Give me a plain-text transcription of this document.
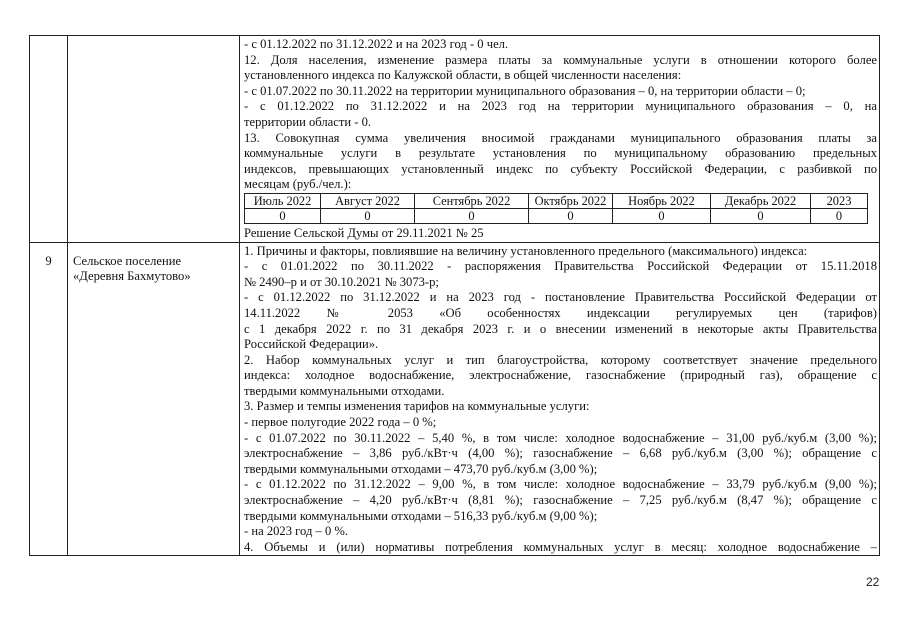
- с 01.12.2022 по 31.12.2022 и на 2023 год - 0 чел.
12. Доля населения, изменение размера платы за коммунальные услуги в отношении которого более
установленного индекса по Калужской области, в общей численности населения:
- с 01.07.2022 по 30.11.2022 на территории муниципального образования – 0, на территории области – 0;
- с 01.12.2022 по 31.12.2022 и на 2023 год на территории муниципального образования – 0, на
территории области - 0.
13. Совокупная сумма увеличения вносимой гражданами муниципального образования платы за
коммунальные услуги в результате установления по муниципальному образованию предельных
индексов, превышающих установленный индекс по субъекту Российской Федерации, с разбивкой по
месяцам (руб./чел.):
Июль 2022	Август 2022	Сентябрь 2022	Октябрь 2022	Ноябрь 2022	Декабрь 2022	2023
0	0	0	0	0	0	0
Решение Сельской Думы от 29.11.2021 № 25

9	Сельское поселение
«Деревня Бахмутово»

1. Причины и факторы, повлиявшие на величину установленного предельного (максимального) индекса:
- с 01.01.2022 по 30.11.2022 - распоряжения Правительства Российской Федерации от 15.11.2018
№ 2490–р и от 30.10.2021 № 3073-р;
- с 01.12.2022 по 31.12.2022 и на 2023 год - постановление Правительства Российской Федерации от
14.11.2022 № 2053 «Об особенностях индексации регулируемых цен (тарифов)
с 1 декабря 2022 г. по 31 декабря 2023 г. и о внесении изменений в некоторые акты Правительства
Российской Федерации».
2. Набор коммунальных услуг и тип благоустройства, которому соответствует значение предельного
индекса: холодное водоснабжение, электроснабжение, газоснабжение (природный газ), обращение с
твердыми коммунальными отходами.
3. Размер и темпы изменения тарифов на коммунальные услуги:
- первое полугодие 2022 года – 0 %;
- с 01.07.2022 по 30.11.2022 – 5,40 %, в том числе: холодное водоснабжение – 31,00 руб./куб.м (3,00 %);
электроснабжение – 3,86 руб./кВт·ч (4,00 %); газоснабжение – 6,68 руб./куб.м (3,00 %); обращение с
твердыми коммунальными отходами – 473,70 руб./куб.м (3,00 %);
- с 01.12.2022 по 31.12.2022 – 9,00 %, в том числе: холодное водоснабжение – 33,79 руб./куб.м (9,00 %);
электроснабжение – 4,20 руб./кВт·ч (8,81 %); газоснабжение – 7,25 руб./куб.м (8,47 %); обращение с
твердыми коммунальными отходами – 516,33 руб./куб.м (9,00 %);
- на 2023 год – 0 %.
4. Объемы и (или) нормативы потребления коммунальных услуг в месяц: холодное водоснабжение –
22
